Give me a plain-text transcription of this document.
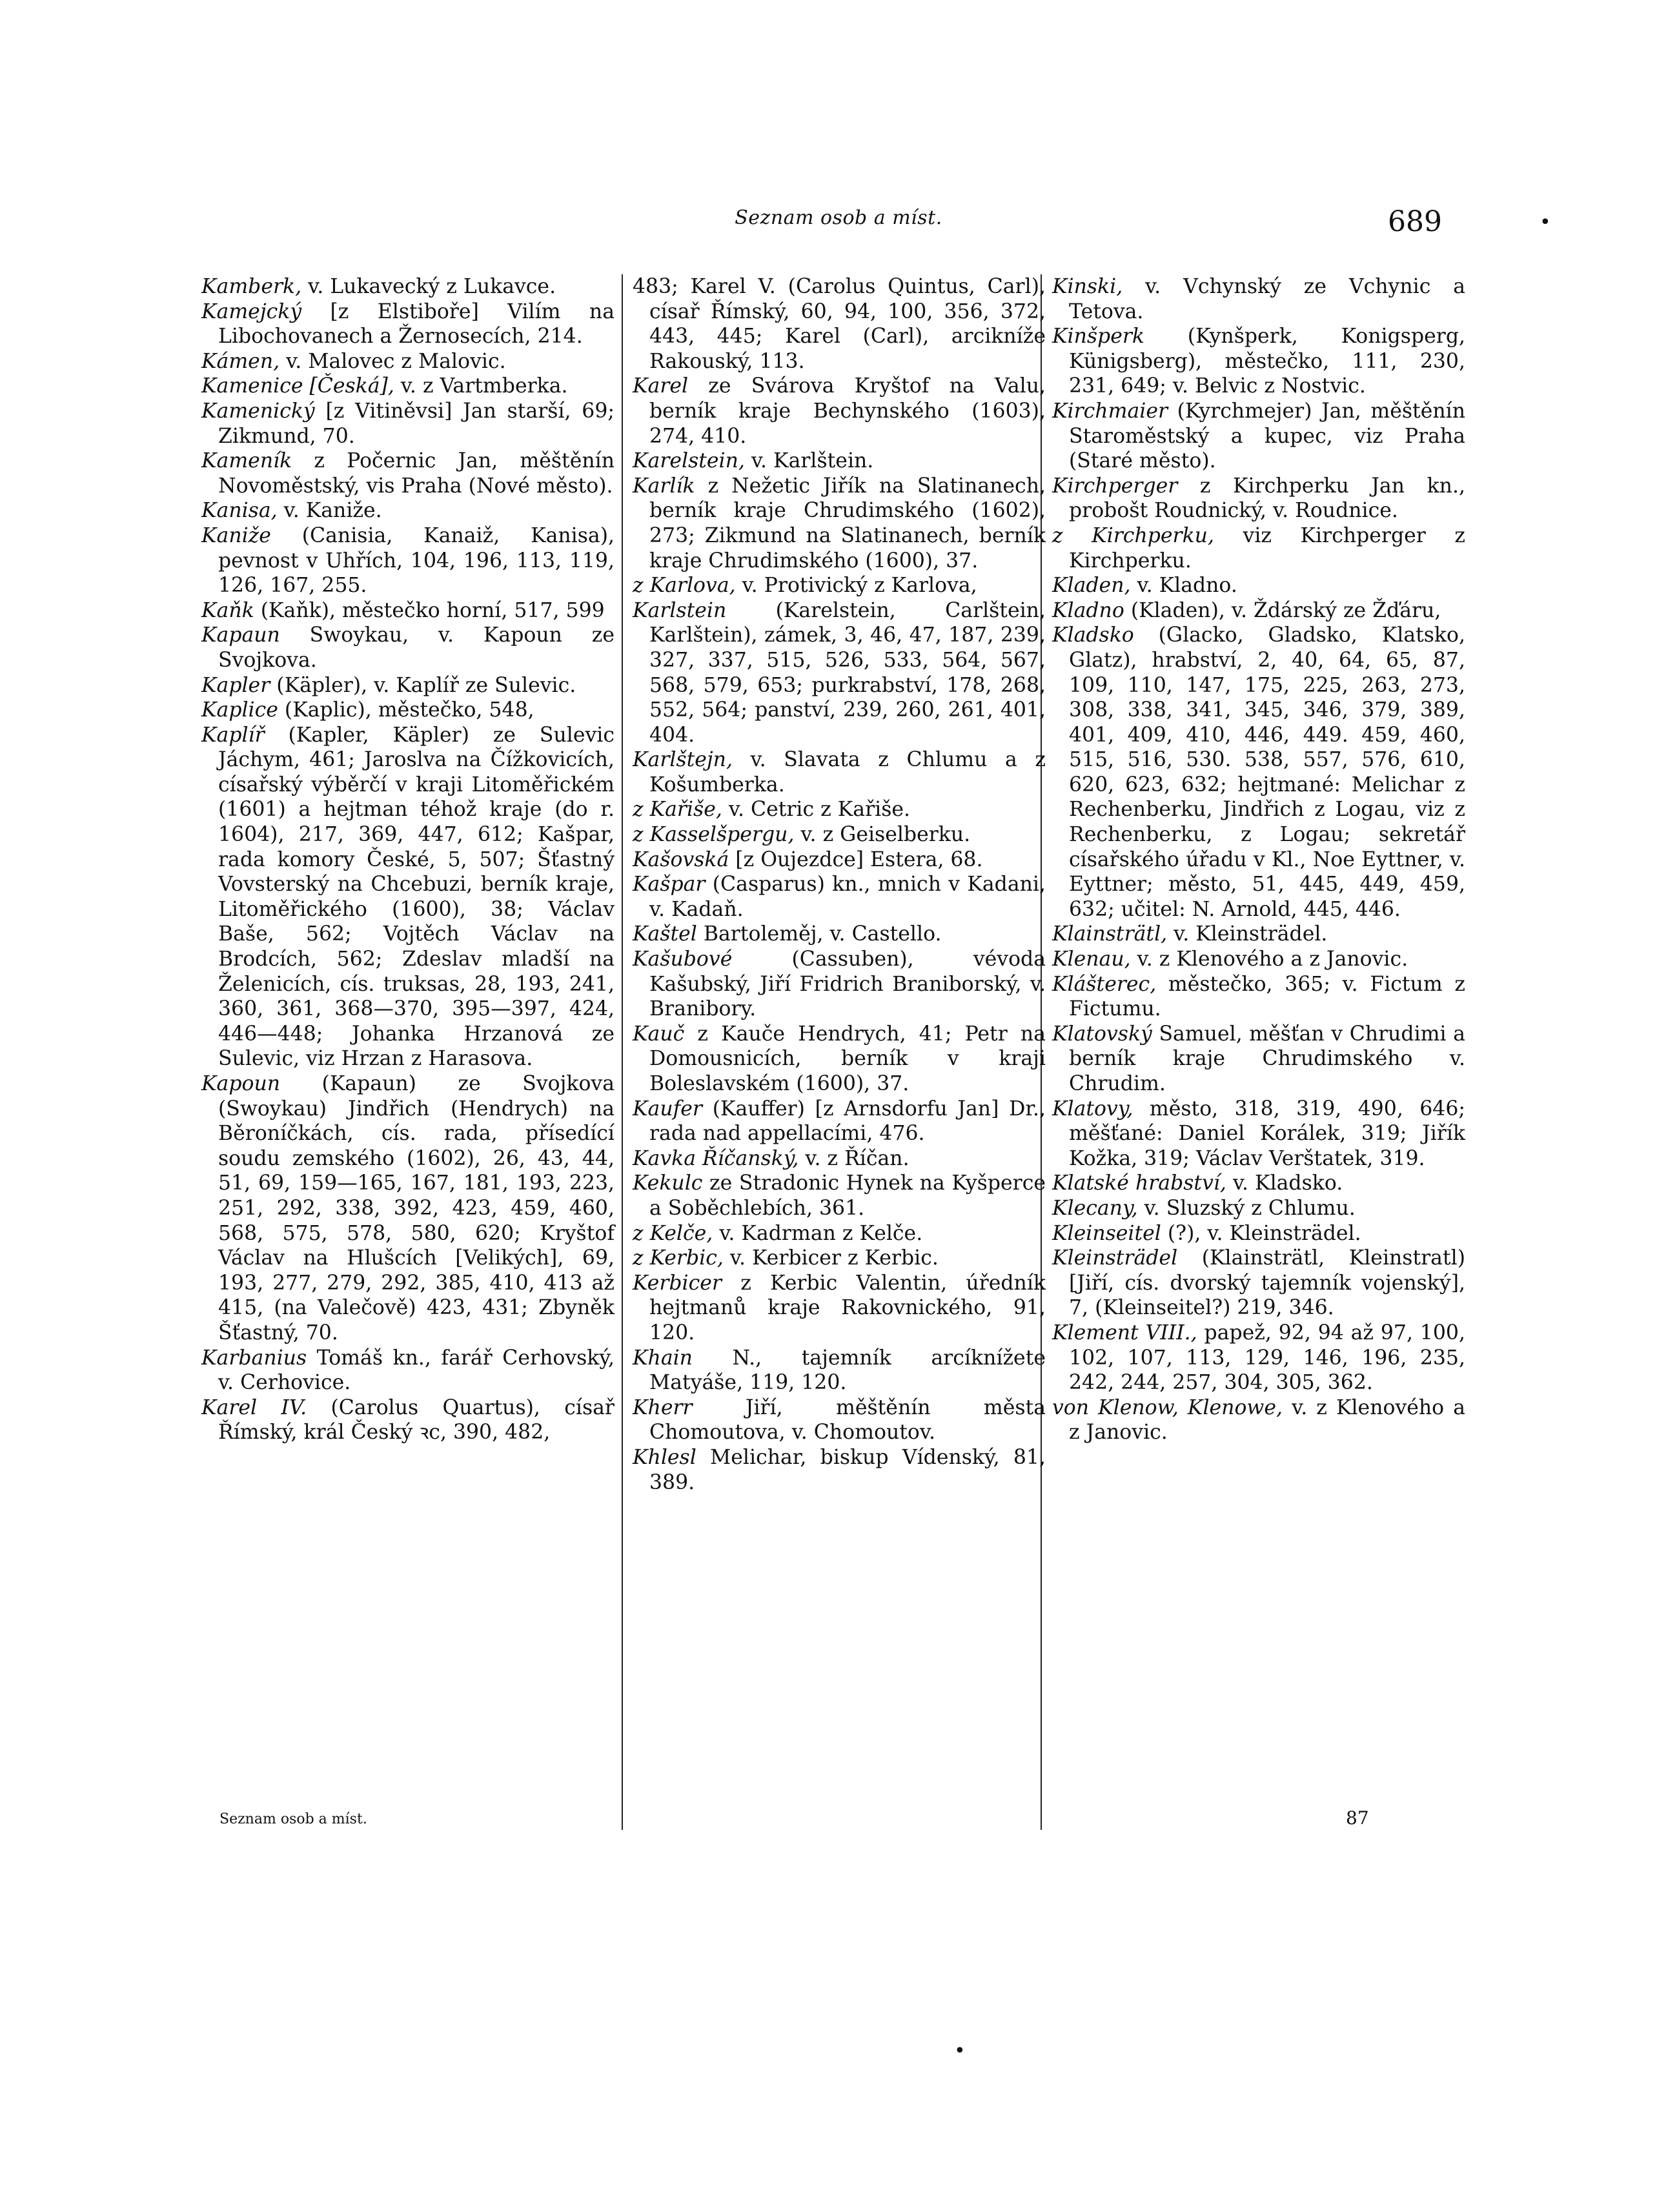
Seznam osob a míst.	689	•
•

Kamberk, v. Lukavecký z Lukavce.

Kamejcký [z Elstiboře] Vilím na Libochovanech a Žernosecích, 214.

Kámen, v. Malovec z Malovic.

Kamenice [Česká], v. z Vartmberka.

Kamenický [z Vitiněvsi] Jan starší, 69; Zikmund, 70.

Kameník z Počernic Jan, měštěnín Novoměstský, vis Praha (Nové město).

Kanisa, v. Kaniže.

Kaniže (Canisia, Kanaiž, Kanisa), pevnost v Uhřích, 104, 196, 113, 119, 126, 167, 255.

Kaňk (Kaňk), městečko horní, 517, 599

Kapaun Swoykau, v. Kapoun ze Svojkova.

Kapler (Käpler), v. Kaplíř ze Sulevic.

Kaplice (Kaplic), městečko, 548,

Kaplíř (Kapler, Käpler) ze Sulevic Jáchym, 461; Jaroslva na Čížkovicích, císařský výběrčí v kraji Litoměřickém (1601) a hejtman téhož kraje (do r. 1604), 217, 369, 447, 612; Kašpar, rada komory České, 5, 507; Šťastný Vovsterský na Chcebuzi, berník kraje, Litoměřického (1600), 38; Václav Baše, 562; Vojtěch Václav na Brodcích, 562; Zdeslav mladší na Želenicích, cís. truksas, 28, 193, 241, 360, 361, 368—370, 395—397, 424, 446—448; Johanka Hrzanová ze Sulevic, viz Hrzan z Harasova.

Kapoun (Kapaun) ze Svojkova (Swoykau) Jindřich (Hendrych) na Běroníčkách, cís. rada, přísedící soudu zemského (1602), 26, 43, 44, 51, 69, 159—165, 167, 181, 193, 223, 251, 292, 338, 392, 423, 459, 460, 568, 575, 578, 580, 620; Kryštof Václav na Hlušcích [Velikých], 69, 193, 277, 279, 292, 385, 410, 413 až 415, (na Valečově) 423, 431; Zbyněk Šťastný, 70.

Karbanius Tomáš kn., farář Cerhovský, v. Cerhovice.

Karel IV. (Carolus Quartus), císař Římský, král Český ꝛc, 390, 482,

483; Karel V. (Carolus Quintus, Carl), císař Římský, 60, 94, 100, 356, 372, 443, 445; Karel (Carl), arcikníže Rakouský, 113.

Karel ze Svárova Kryštof na Valu, berník kraje Bechynského (1603), 274, 410.

Karelstein, v. Karlštein.

Karlík z Nežetic Jiřík na Slatinanech, berník kraje Chrudimského (1602), 273; Zikmund na Slatinanech, berník kraje Chrudimského (1600), 37.

z Karlova, v. Protivický z Karlova,

Karlstein (Karelstein, Carlštein, Karlštein), zámek, 3, 46, 47, 187, 239, 327, 337, 515, 526, 533, 564, 567, 568, 579, 653; purkrabství, 178, 268, 552, 564; panství, 239, 260, 261, 401, 404.

Karlštejn, v. Slavata z Chlumu a z Košumberka.

z Kařiše, v. Cetric z Kařiše.

z Kasselšpergu, v. z Geiselberku.

Kašovská [z Oujezdce] Estera, 68.

Kašpar (Casparus) kn., mnich v Kadani, v. Kadaň.

Kaštel Bartoleměj, v. Castello.

Kašubové (Cassuben), vévoda Kašubský, Jiří Fridrich Braniborský, v. Branibory.

Kauč z Kauče Hendrych, 41; Petr na Domousnicích, berník v kraji Boleslavském (1600), 37.

Kaufer (Kauffer) [z Arnsdorfu Jan] Dr., rada nad appellacími, 476.

Kavka Říčanský, v. z Říčan.

Kekulc ze Stradonic Hynek na Kyšperce a Soběchlebích, 361.

z Kelče, v. Kadrman z Kelče.

z Kerbic, v. Kerbicer z Kerbic.

Kerbicer z Kerbic Valentin, úředník hejtmanů kraje Rakovnického, 91, 120.

Khain N., tajemník arcíknížete Matyáše, 119, 120.

Kherr Jiří, měštěnín města Chomoutova, v. Chomoutov.

Khlesl Melichar, biskup Vídenský, 81, 389.

Kinski, v. Vchynský ze Vchynic a Tetova.

Kinšperk (Kynšperk, Konigsperg, Künigsberg), městečko, 111, 230, 231, 649; v. Belvic z Nostvic.

Kirchmaier (Kyrchmejer) Jan, měštěnín Staroměstský a kupec, viz Praha (Staré město).

Kirchperger z Kirchperku Jan kn., probošt Roudnický, v. Roudnice.

z Kirchperku, viz Kirchperger z Kirchperku.

Kladen, v. Kladno.

Kladno (Kladen), v. Ždárský ze Žďáru,

Kladsko (Glacko, Gladsko, Klatsko, Glatz), hrabství, 2, 40, 64, 65, 87, 109, 110, 147, 175, 225, 263, 273, 308, 338, 341, 345, 346, 379, 389, 401, 409, 410, 446, 449. 459, 460, 515, 516, 530. 538, 557, 576, 610, 620, 623, 632; hejtmané: Melichar z Rechenberku, Jindřich z Logau, viz z Rechenberku, z Logau; sekretář císařského úřadu v Kl., Noe Eyttner, v. Eyttner; město, 51, 445, 449, 459, 632; učitel: N. Arnold, 445, 446.

Klainsträtl, v. Kleinsträdel.

Klenau, v. z Klenového a z Janovic.

Klášterec, městečko, 365; v. Fictum z Fictumu.

Klatovský Samuel, měšťan v Chrudimi a berník kraje Chrudimského v. Chrudim.

Klatovy, město, 318, 319, 490, 646; měšťané: Daniel Korálek, 319; Jiřík Kožka, 319; Václav Verštatek, 319.

Klatské hrabství, v. Kladsko.

Klecany, v. Sluzský z Chlumu.

Kleinseitel (?), v. Kleinsträdel.

Kleinsträdel (Klainsträtl, Kleinstratl) [Jiří, cís. dvorský tajemník vojenský], 7, (Kleinseitel?) 219, 346.

Klement VIII., papež, 92, 94 až 97, 100, 102, 107, 113, 129, 146, 196, 235, 242, 244, 257, 304, 305, 362.

von Klenow, Klenowe, v. z Klenového a z Janovic.

Seznam osob a míst.	87
